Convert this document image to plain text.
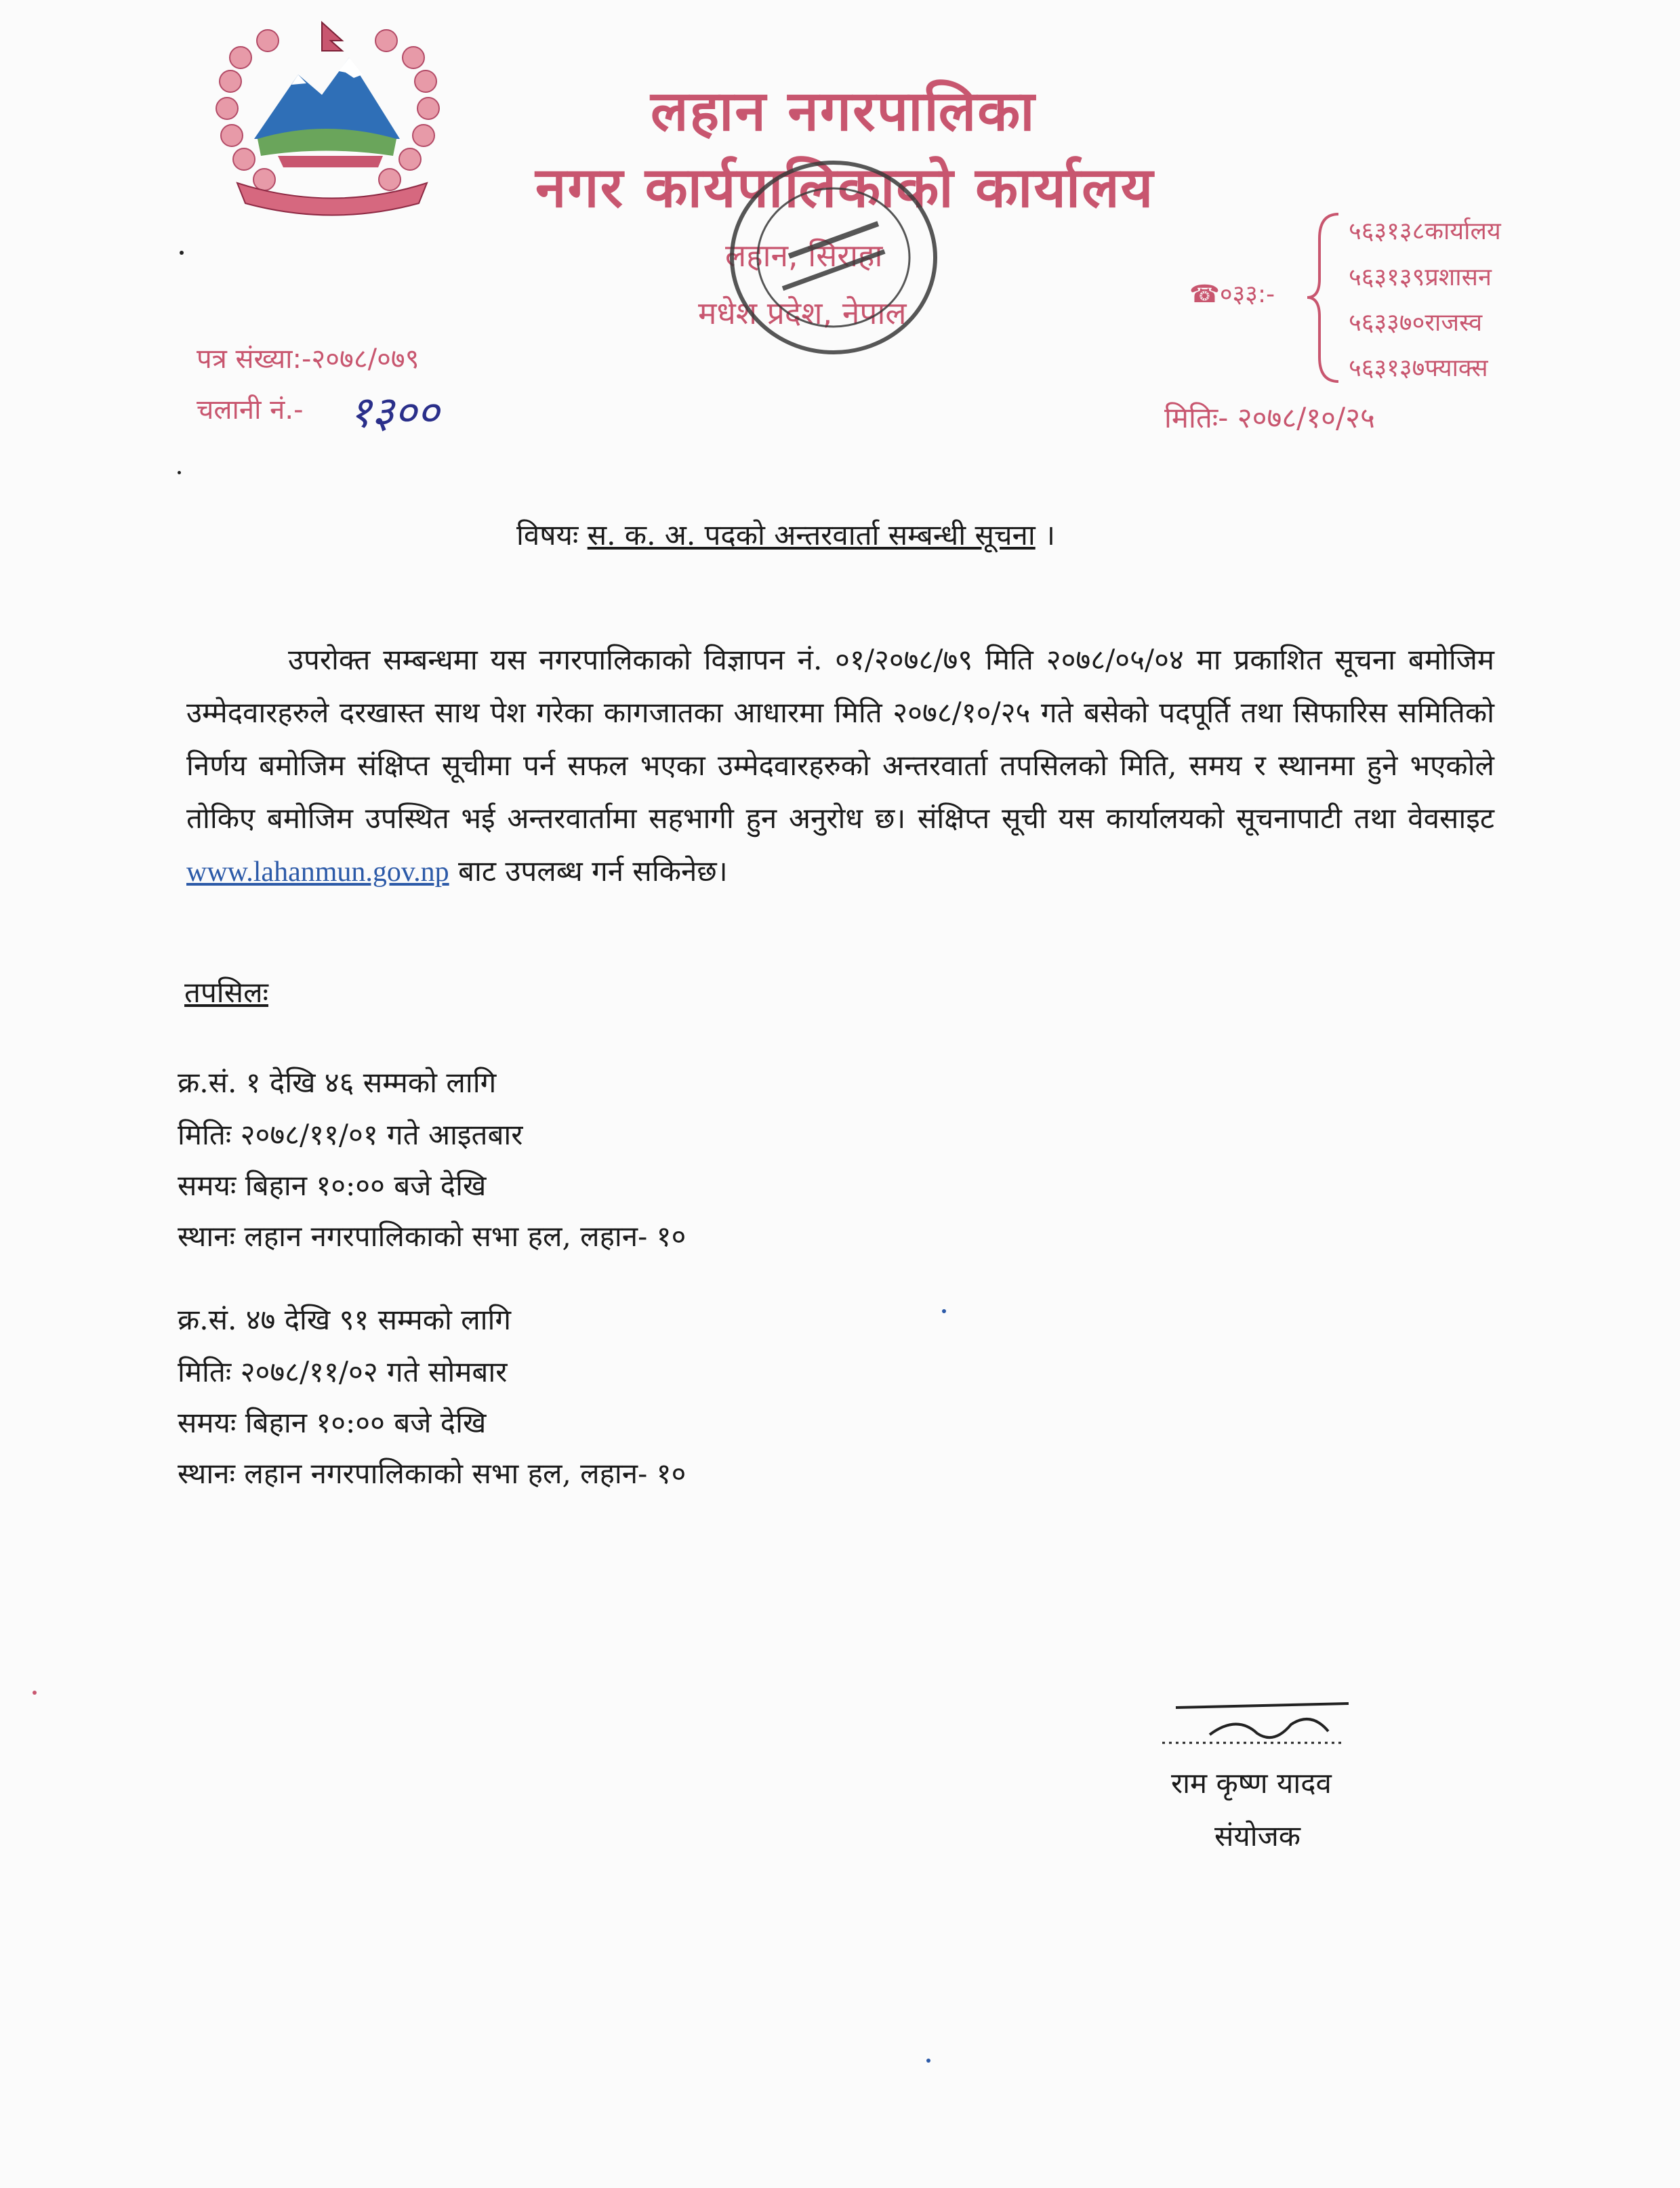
लहान नगरपालिका
नगर कार्यपालिकाको कार्यालय
लहान, सिराहा
मधेश प्रदेश, नेपाल
☎०३३:-
५६३१३८कार्यालय
५६३१३९प्रशासन
५६३३७०राजस्व
५६३१३७फ्याक्स
पत्र संख्या:-२०७८/०७९
चलानी नं.- १३००	मितिः- २०७८/१०/२५
विषयः स. क. अ. पदको अन्तरवार्ता सम्बन्धी सूचना ।
उपरोक्त सम्बन्धमा यस नगरपालिकाको विज्ञापन नं. ०१/२०७८/७९ मिति २०७८/०५/०४ मा प्रकाशित सूचना बमोजिम उम्मेदवारहरुले दरखास्त साथ पेश गरेका कागजातका आधारमा मिति २०७८/१०/२५ गते बसेको पदपूर्ति तथा सिफारिस समितिको निर्णय बमोजिम संक्षिप्त सूचीमा पर्न सफल भएका उम्मेदवारहरुको अन्तरवार्ता तपसिलको मिति, समय र स्थानमा हुने भएकोले तोकिए बमोजिम उपस्थित भई अन्तरवार्तामा सहभागी हुन अनुरोध छ। संक्षिप्त सूची यस कार्यालयको सूचनापाटी तथा वेवसाइट www.lahanmun.gov.np बाट उपलब्ध गर्न सकिनेछ।
तपसिलः
क्र.सं. १ देखि ४६ सम्मको लागि
मितिः २०७८/११/०१ गते आइतबार
समयः बिहान १०:०० बजे देखि
स्थानः लहान नगरपालिकाको सभा हल, लहान- १०
क्र.सं. ४७ देखि ९१ सम्मको लागि
मितिः २०७८/११/०२ गते सोमबार
समयः बिहान १०:०० बजे देखि
स्थानः लहान नगरपालिकाको सभा हल, लहान- १०
राम कृष्ण यादव
संयोजक
